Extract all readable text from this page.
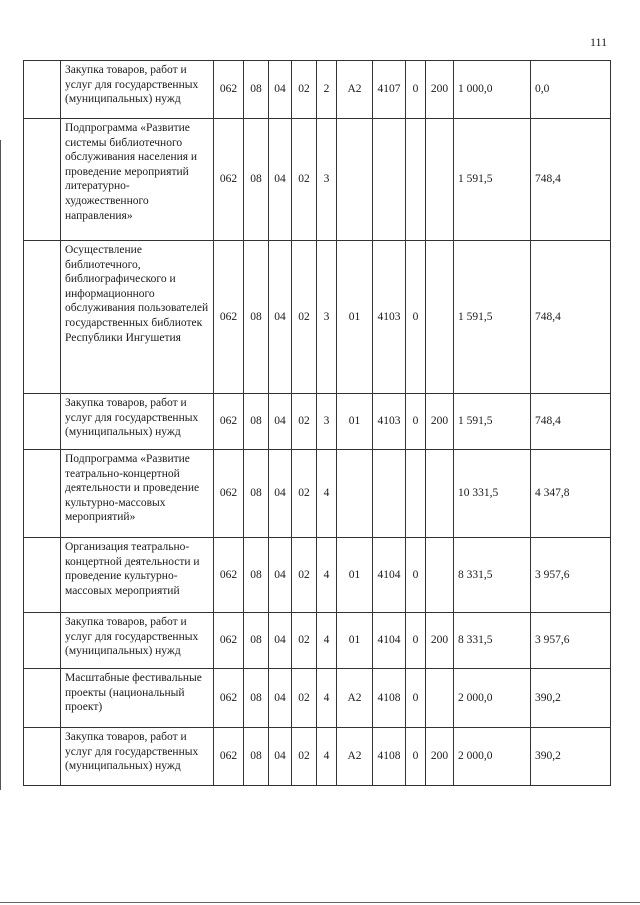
111
	Закупка товаров, работ и услуг для государственных (муниципальных) нужд	062	08	04	02	2	А2	4107	0	200	1 000,0	0,0
	Подпрограмма «Развитие системы библиотечного обслуживания населения и проведение мероприятий литературно-художественного направления»	062	08	04	02	3					1 591,5	748,4
	Осуществление библиотечного, библиографического и информационного обслуживания пользователей государственных библиотек Республики Ингушетия	062	08	04	02	3	01	4103	0		1 591,5	748,4
	Закупка товаров, работ и услуг для государственных (муниципальных) нужд	062	08	04	02	3	01	4103	0	200	1 591,5	748,4
	Подпрограмма «Развитие театрально-концертной деятельности и проведение культурно-массовых мероприятий»	062	08	04	02	4					10 331,5	4 347,8
	Организация театрально-концертной деятельности и проведение культурно-массовых мероприятий	062	08	04	02	4	01	4104	0		8 331,5	3 957,6
	Закупка товаров, работ и услуг для государственных (муниципальных) нужд	062	08	04	02	4	01	4104	0	200	8 331,5	3 957,6
	Масштабные фестивальные проекты (национальный проект)	062	08	04	02	4	А2	4108	0		2 000,0	390,2
	Закупка товаров, работ и услуг для государственных (муниципальных) нужд	062	08	04	02	4	А2	4108	0	200	2 000,0	390,2
